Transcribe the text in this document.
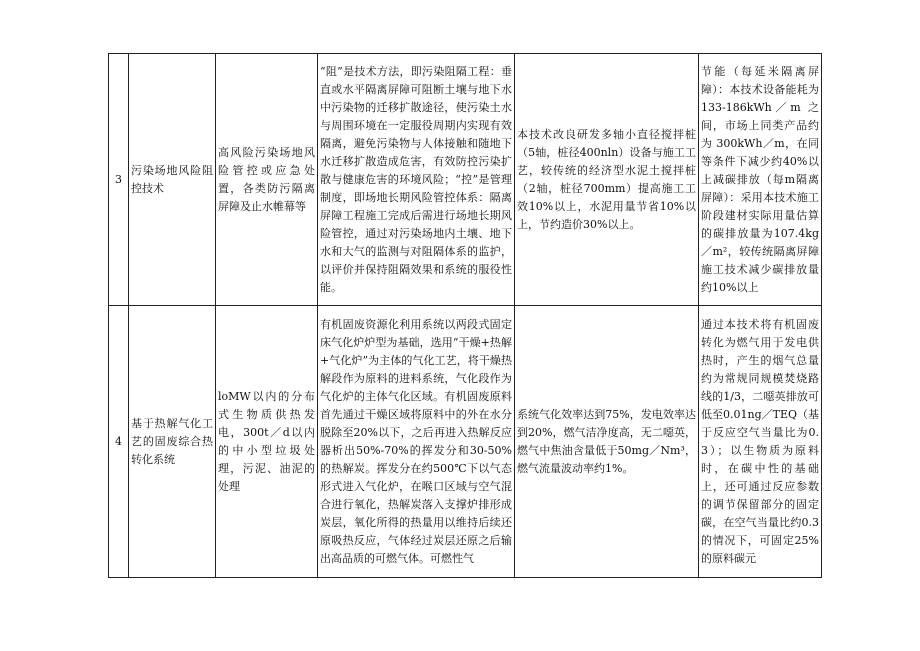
3	污染场地风险阻控技术	高风险污染场地风险管控或应急处置，各类防污隔离屏障及止水帷幕等	“阻”是技术方法，即污染阻隔工程：垂直或水平隔离屏障可阻断土壤与地下水中污染物的迁移扩散途径，使污染土水与周围环境在一定服役周期内实现有效隔离，避免污染物与人体接触和随地下水迁移扩散造成危害，有效防控污染扩散与健康危害的环境风险；“控”是管理制度，即场地长期风险管控体系：隔离屏障工程施工完成后需进行场地长期风险管控，通过对污染场地内土壤、地下水和大气的监测与对阻隔体系的监护，以评价并保持阻隔效果和系统的服役性能。	本技术改良研发多轴小直径搅拌桩（5轴，桩径400nln）设备与施工工艺，较传统的经济型水泥土搅拌桩（2轴，桩径700mm）提高施工工效10%以上，水泥用量节省10%以上，节约造价30%以上。	节能（每延米隔离屏障）：本技术设备能耗为 133-186kWh／m 之间，市场上同类产品约为 300kWh／m，在同等条件下减少约40%以上减碳排放（每m隔离屏障）：采用本技术施工阶段建材实际用量估算的碳排放量为107.4kg／m²，较传统隔离屏障施工技术减少碳排放量约10%以上
4	基于热解气化工艺的固废综合热转化系统	loMW以内的分布式生物质供热发电，300t／d以内的中小型垃圾处理，污泥、油泥的处理	有机固废资源化利用系统以两段式固定床气化炉炉型为基础，选用“干燥+热解+气化炉”为主体的气化工艺，将干燥热解段作为原料的进料系统，气化段作为气化炉的主体气化区域。有机固废原料首先通过干燥区域将原料中的外在水分脱除至20%以下，之后再进入热解反应器析出50%-70%的挥发分和30-50%的热解炭。挥发分在约500℃下以气态形式进入气化炉，在喉口区域与空气混合进行氧化，热解炭落入支撑炉排形成炭层，氧化所得的热量用以维持后续还原吸热反应，气体经过炭层还原之后输出高品质的可燃气体。可燃性气	系统气化效率达到75%，发电效率达到20%，燃气洁净度高，无二噁英，燃气中焦油含量低于50mg／Nm³，燃气流量波动率约1%。	通过本技术将有机固废转化为燃气用于发电供热时，产生的烟气总量约为常规同规模焚烧路线的1/3，二噁英排放可低至0.01ng／TEQ（基于反应空气当量比为0.3）；以生物质为原料时，在碳中性的基础上，还可通过反应参数的调节保留部分的固定碳，在空气当量比约0.3的情况下，可固定25%的原料碳元
